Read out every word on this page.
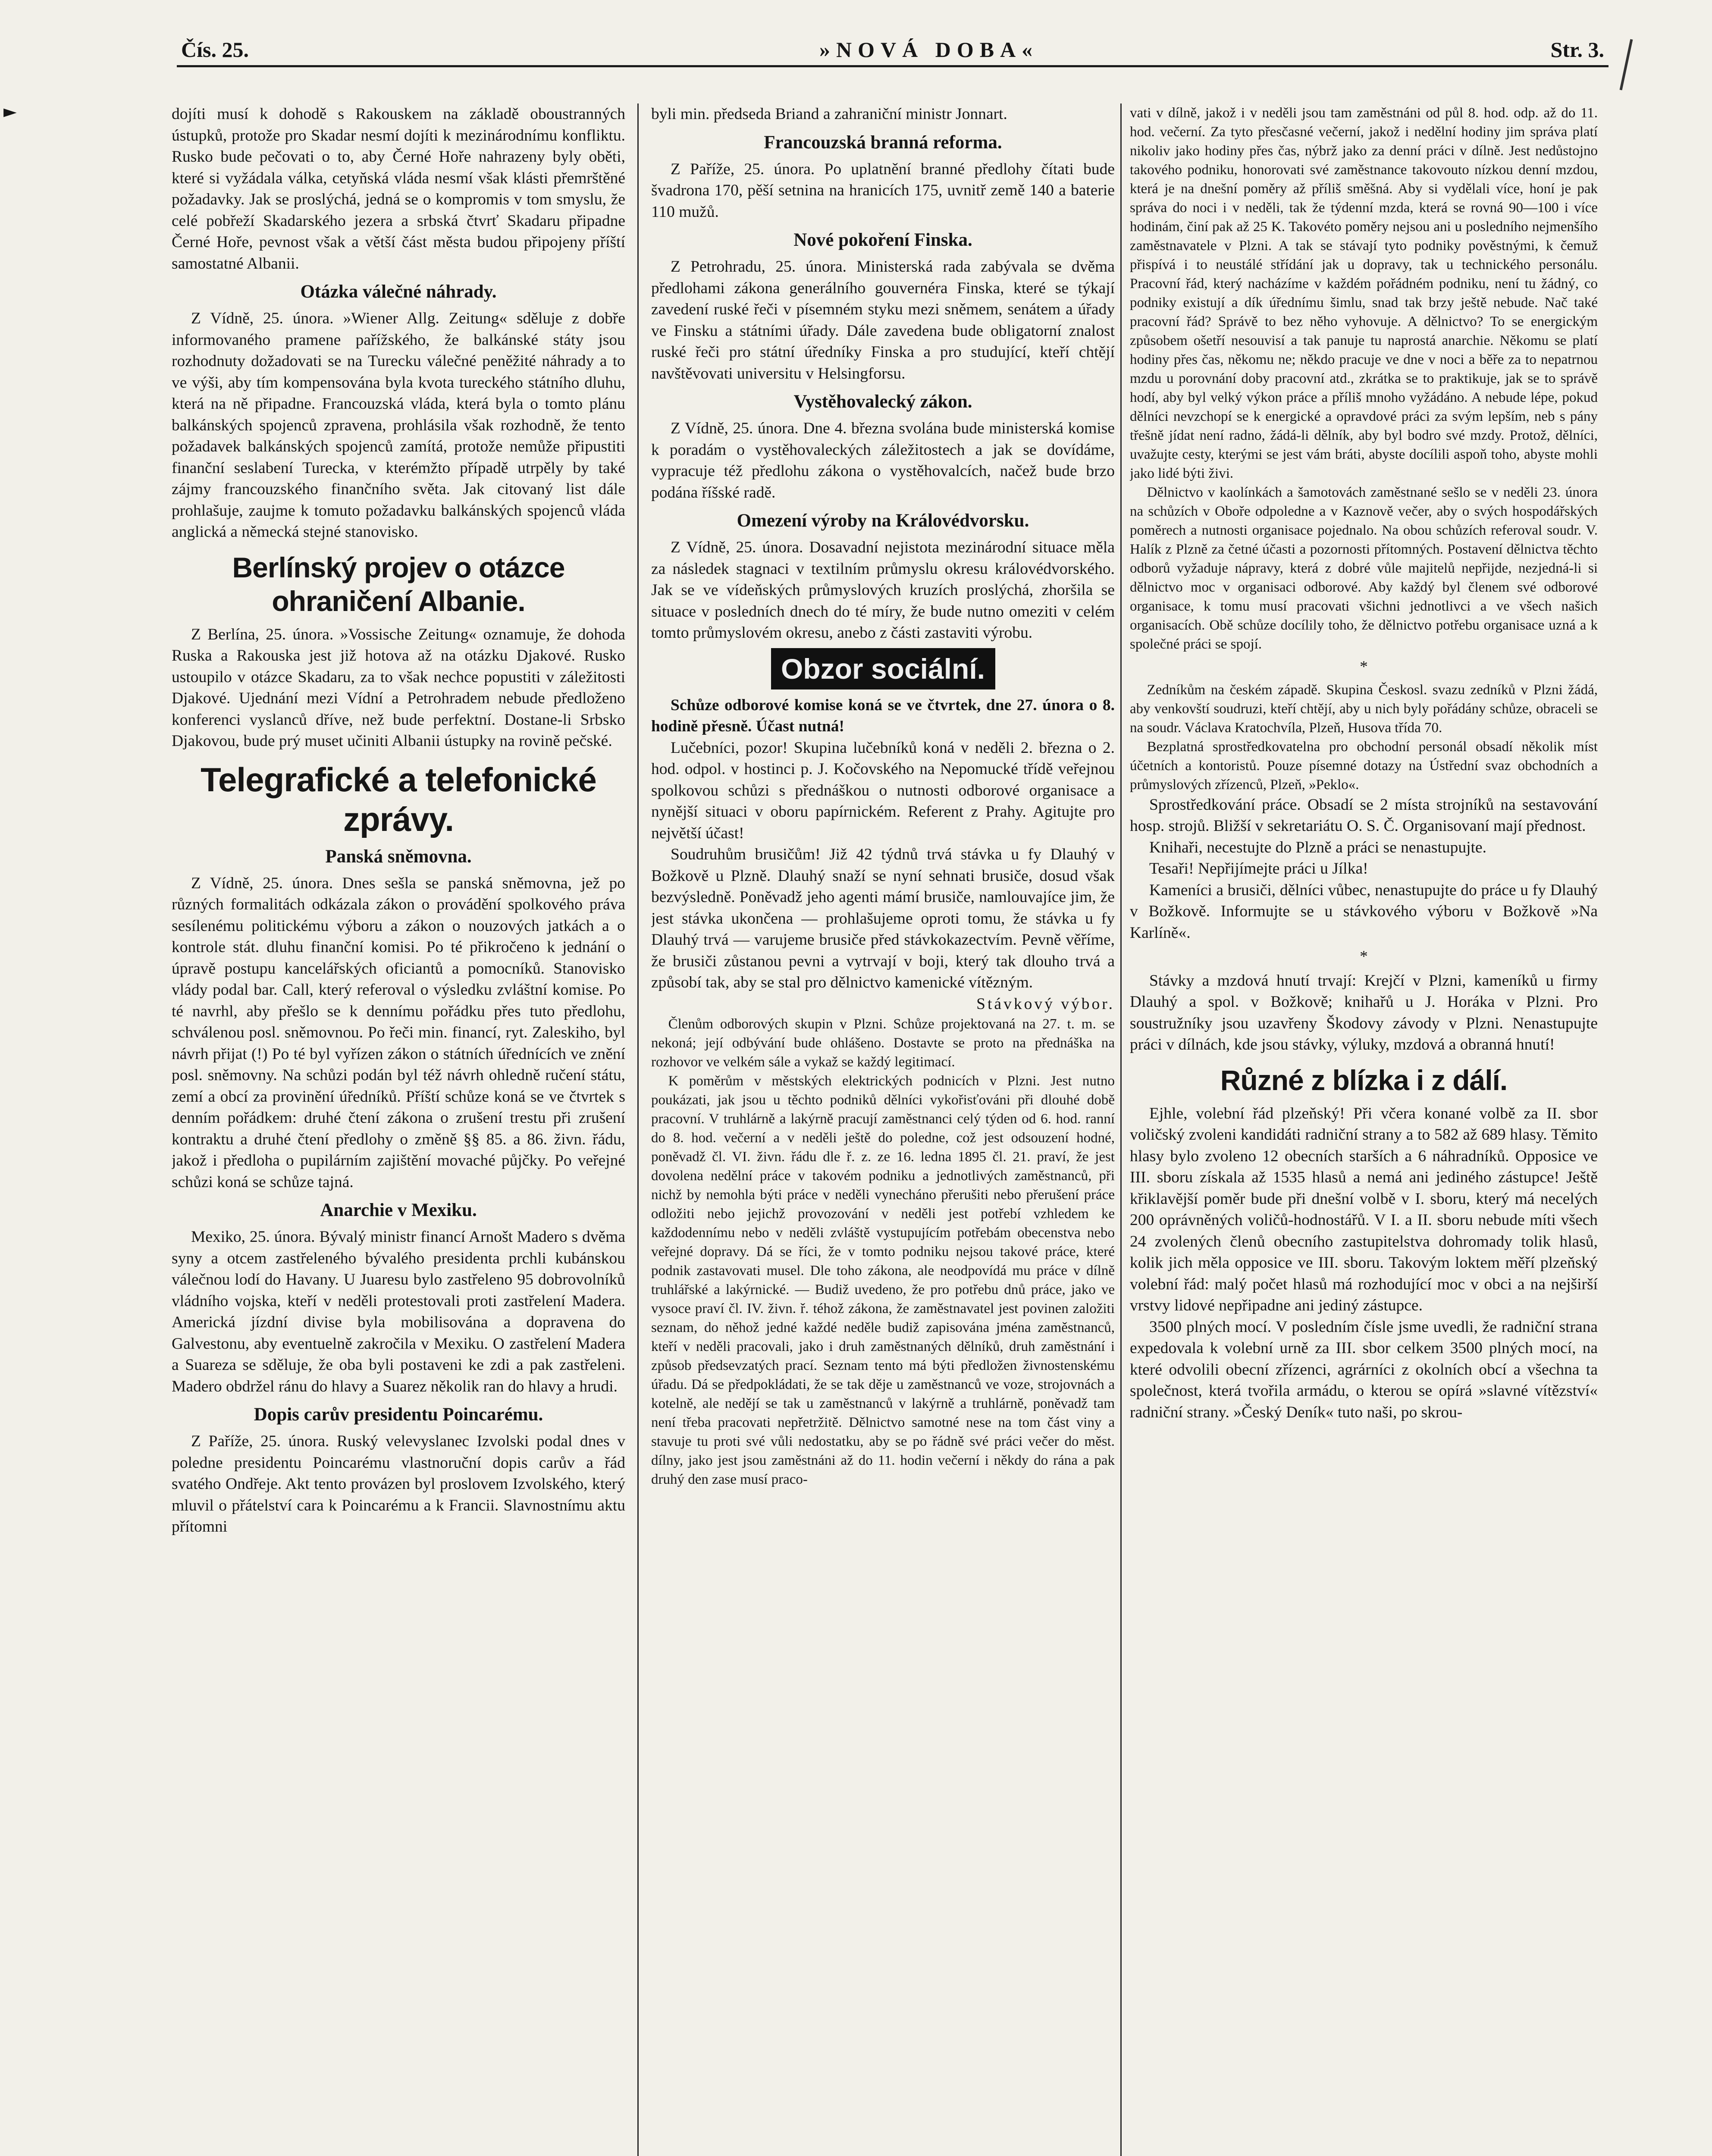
Čís. 25.	»NOVÁ DOBA«	Str. 3.
►	dojíti musí k dohodě s Rakouskem na základě oboustranných ústupků, protože pro Skadar nesmí dojíti k mezinárodnímu konfliktu. Rusko bude pečovati o to, aby Černé Hoře nahrazeny byly oběti, které si vyžádala válka, cetyňská vláda nesmí však klásti přemrštěné požadavky. Jak se proslýchá, jedná se o kompromis v tom smyslu, že celé pobřeží Skadarského jezera a srbská čtvrť Skadaru připadne Černé Hoře, pevnost však a větší část města budou připojeny příští samostatné Albanii.

Otázka válečné náhrady.

Z Vídně, 25. února. »Wiener Allg. Zeitung« sděluje z dobře informovaného pramene pařížského, že balkánské státy jsou rozhodnuty dožadovati se na Turecku válečné peněžité náhrady a to ve výši, aby tím kompensována byla kvota tureckého státního dluhu, která na ně připadne. Francouzská vláda, která byla o tomto plánu balkánských spojenců zpravena, prohlásila však rozhodně, že tento požadavek balkánských spojenců zamítá, protože nemůže připustiti finanční seslabení Turecka, v kterémžto případě utrpěly by také zájmy francouzského finančního světa. Jak citovaný list dále prohlašuje, zaujme k tomuto požadavku balkánských spojenců vláda anglická a německá stejné stanovisko.

Berlínský projev o otázce ohraničení Albanie.

Z Berlína, 25. února. »Vossische Zeitung« oznamuje, že dohoda Ruska a Rakouska jest již hotova až na otázku Djakové. Rusko ustoupilo v otázce Skadaru, za to však nechce popustiti v záležitosti Djakové. Ujednání mezi Vídní a Petrohradem nebude předloženo konferenci vyslanců dříve, než bude perfektní. Dostane-li Srbsko Djakovou, bude prý muset učiniti Albanii ústupky na rovině pečské.

Telegrafické a telefonické zprávy.
Panská sněmovna.

Z Vídně, 25. února. Dnes sešla se panská sněmovna, jež po různých formalitách odkázala zákon o provádění spolkového práva sesílenému politickému výboru a zákon o nouzových jatkách a o kontrole stát. dluhu finanční komisi. Po té přikročeno k jednání o úpravě postupu kancelářských oficiantů a pomocníků. Stanovisko vlády podal bar. Call, který referoval o výsledku zvláštní komise. Po té navrhl, aby přešlo se k dennímu pořádku přes tuto předlohu, schválenou posl. sněmovnou. Po řeči min. financí, ryt. Zaleskiho, byl návrh přijat (!) Po té byl vyřízen zákon o státních úřednících ve znění posl. sněmovny. Na schůzi podán byl též návrh ohledně ručení státu, zemí a obcí za provinění úředníků. Příští schůze koná se ve čtvrtek s denním pořádkem: druhé čtení zákona o zrušení trestu při zrušení kontraktu a druhé čtení předlohy o změně §§ 85. a 86. živn. řádu, jakož i předloha o pupilárním zajištění movaché půjčky. Po veřejné schůzi koná se schůze tajná.

Anarchie v Mexiku.

Mexiko, 25. února. Bývalý ministr financí Arnošt Madero s dvěma syny a otcem zastřeleného bývalého presidenta prchli kubánskou válečnou lodí do Havany. U Juaresu bylo zastřeleno 95 dobrovolníků vládního vojska, kteří v neděli protestovali proti zastřelení Madera. Americká jízdní divise byla mobilisována a dopravena do Galvestonu, aby eventuelně zakročila v Mexiku. O zastřelení Madera a Suareza se sděluje, že oba byli postaveni ke zdi a pak zastřeleni. Madero obdržel ránu do hlavy a Suarez několik ran do hlavy a hrudi.

Dopis carův presidentu Poincarému.

Z Paříže, 25. února. Ruský velevyslanec Izvolski podal dnes v poledne presidentu Poincarému vlastnoruční dopis carův a řád svatého Ondřeje. Akt tento provázen byl proslovem Izvolského, který mluvil o přátelství cara k Poincarému a k Francii. Slavnostnímu aktu přítomni

byli min. předseda Briand a zahraniční ministr Jonnart.

Francouzská branná reforma.

Z Paříže, 25. února. Po uplatnění branné předlohy čítati bude švadrona 170, pěší setnina na hranicích 175, uvnitř země 140 a baterie 110 mužů.

Nové pokoření Finska.

Z Petrohradu, 25. února. Ministerská rada zabývala se dvěma předlohami zákona generálního gouvernéra Finska, které se týkají zavedení ruské řeči v písemném styku mezi sněmem, senátem a úřady ve Finsku a státními úřady. Dále zavedena bude obligatorní znalost ruské řeči pro státní úředníky Finska a pro studující, kteří chtějí navštěvovati universitu v Helsingforsu.

Vystěhovalecký zákon.

Z Vídně, 25. února. Dne 4. března svolána bude ministerská komise k poradám o vystěhovaleckých záležitostech a jak se dovídáme, vypracuje též předlohu zákona o vystěhovalcích, načež bude brzo podána říšské radě.

Omezení výroby na Královédvorsku.

Z Vídně, 25. února. Dosavadní nejistota mezinárodní situace měla za následek stagnaci v textilním průmyslu okresu královédvorského. Jak se ve vídeňských průmyslových kruzích proslýchá, zhoršila se situace v posledních dnech do té míry, že bude nutno omeziti v celém tomto průmyslovém okresu, anebo z části zastaviti výrobu.

Obzor sociální.

Schůze odborové komise koná se ve čtvrtek, dne 27. února o 8. hodině přesně. Účast nutná!

Lučebníci, pozor! Skupina lučebníků koná v neděli 2. března o 2. hod. odpol. v hostinci p. J. Kočovského na Nepomucké třídě veřejnou spolkovou schůzi s přednáškou o nutnosti odborové organisace a nynější situaci v oboru papírnickém. Referent z Prahy. Agitujte pro největší účast!

Soudruhům brusičům! Již 42 týdnů trvá stávka u fy Dlauhý v Božkově u Plzně. Dlauhý snaží se nyní sehnati brusiče, dosud však bezvýsledně. Poněvadž jeho agenti mámí brusiče, namlouvajíce jim, že jest stávka ukončena — prohlašujeme oproti tomu, že stávka u fy Dlauhý trvá — varujeme brusiče před stávkokazectvím. Pevně věříme, že brusiči zůstanou pevni a vytrvají v boji, který tak dlouho trvá a způsobí tak, aby se stal pro dělnictvo kamenické vítězným.

Stávkový výbor.

Členům odborových skupin v Plzni. Schůze projektovaná na 27. t. m. se nekoná; její odbývání bude ohlášeno. Dostavte se proto na přednáška na rozhovor ve velkém sále a vykaž se každý legitimací.

K poměrům v městských elektrických podnicích v Plzni. Jest nutno poukázati, jak jsou u těchto podniků dělníci vykořisťováni při dlouhé době pracovní. V truhlárně a lakýrně pracují zaměstnanci celý týden od 6. hod. ranní do 8. hod. večerní a v neděli ještě do poledne, což jest odsouzení hodné, poněvadž čl. VI. živn. řádu dle ř. z. ze 16. ledna 1895 čl. 21. praví, že jest dovolena nedělní práce v takovém podniku a jednotlivých zaměstnanců, při nichž by nemohla býti práce v neděli vynecháno přerušiti nebo přerušení práce odložiti nebo jejichž provozování v neděli jest potřebí vzhledem ke každodennímu nebo v neděli zvláště vystupujícím potřebám obecenstva nebo veřejné dopravy. Dá se říci, že v tomto podniku nejsou takové práce, které podnik zastavovati musel. Dle toho zákona, ale neodpovídá mu práce v dílně truhlářské a lakýrnické. — Budiž uvedeno, že pro potřebu dnů práce, jako ve vysoce praví čl. IV. živn. ř. téhož zákona, že zaměstnavatel jest povinen založiti seznam, do něhož jedné každé neděle budiž zapisována jména zaměstnanců, kteří v neděli pracovali, jako i druh zaměstnaných dělníků, druh zaměstnání i způsob předsevzatých prací. Seznam tento má býti předložen živnostenskému úřadu. Dá se předpokládati, že se tak děje u zaměstnanců ve voze, strojovnách a kotelně, ale nedějí se tak u zaměstnanců v lakýrně a truhlárně, poněvadž tam není třeba pracovati nepřetržitě. Dělnictvo samotné nese na tom část viny a stavuje tu proti své vůli nedostatku, aby se po řádně své práci večer do měst. dílny, jako jest jsou zaměstnáni až do 11. hodin večerní i někdy do rána a pak druhý den zase musí praco-

vati v dílně, jakož i v neděli jsou tam zaměstnáni od půl 8. hod. odp. až do 11. hod. večerní. Za tyto přesčasné večerní, jakož i nedělní hodiny jim správa platí nikoliv jako hodiny přes čas, nýbrž jako za denní práci v dílně. Jest nedůstojno takového podniku, honorovati své zaměstnance takovouto nízkou denní mzdou, která je na dnešní poměry až příliš směšná. Aby si vydělali více, honí je pak správa do noci i v neděli, tak že týdenní mzda, která se rovná 90—100 i více hodinám, činí pak až 25 K. Takovéto poměry nejsou ani u posledního nejmenšího zaměstnavatele v Plzni. A tak se stávají tyto podniky pověstnými, k čemuž přispívá i to neustálé střídání jak u dopravy, tak u technického personálu. Pracovní řád, který nacházíme v každém pořádném podniku, není tu žádný, co podniky existují a dík úřednímu šimlu, snad tak brzy ještě nebude. Nač také pracovní řád? Správě to bez něho vyhovuje. A dělnictvo? To se energickým způsobem ošetří nesouvisí a tak panuje tu naprostá anarchie. Někomu se platí hodiny přes čas, někomu ne; někdo pracuje ve dne v noci a běře za to nepatrnou mzdu u porovnání doby pracovní atd., zkrátka se to praktikuje, jak se to správě hodí, aby byl velký výkon práce a příliš mnoho vyžádáno. A nebude lépe, pokud dělníci nevzchopí se k energické a opravdové práci za svým lepším, neb s pány třešně jídat není radno, žádá-li dělník, aby byl bodro své mzdy. Protož, dělníci, uvažujte cesty, kterými se jest vám bráti, abyste docílili aspoň toho, abyste mohli jako lidé býti živi.

Dělnictvo v kaolínkách a šamotovách zaměstnané sešlo se v neděli 23. února na schůzích v Oboře odpoledne a v Kaznově večer, aby o svých hospodářských poměrech a nutnosti organisace pojednalo. Na obou schůzích referoval soudr. V. Halík z Plzně za četné účasti a pozornosti přítomných. Postavení dělnictva těchto odborů vyžaduje nápravy, která z dobré vůle majitelů nepřijde, nezjedná-li si dělnictvo moc v organisaci odborové. Aby každý byl členem své odborové organisace, k tomu musí pracovati všichni jednotlivci a ve všech našich organisacích. Obě schůze docílily toho, že dělnictvo potřebu organisace uzná a k společné práci se spojí.

*

Zedníkům na českém západě. Skupina Českosl. svazu zedníků v Plzni žádá, aby venkovští soudruzi, kteří chtějí, aby u nich byly pořádány schůze, obraceli se na soudr. Václava Kratochvíla, Plzeň, Husova třída 70.

Bezplatná sprostředkovatelna pro obchodní personál obsadí několik míst účetních a kontoristů. Pouze písemné dotazy na Ústřední svaz obchodních a průmyslových zřízenců, Plzeň, »Peklo«.

Sprostředkování práce. Obsadí se 2 místa strojníků na sestavování hosp. strojů. Bližší v sekretariátu O. S. Č. Organisovaní mají přednost.

Knihaři, necestujte do Plzně a práci se nenastupujte.

Tesaři! Nepřijímejte práci u Jílka!

Kameníci a brusiči, dělníci vůbec, nenastupujte do práce u fy Dlauhý v Božkově. Informujte se u stávkového výboru v Božkově »Na Karlíně«.

*

Stávky a mzdová hnutí trvají: Krejčí v Plzni, kameníků u firmy Dlauhý a spol. v Božkově; knihařů u J. Horáka v Plzni. Pro soustružníky jsou uzavřeny Škodovy závody v Plzni. Nenastupujte práci v dílnách, kde jsou stávky, výluky, mzdová a obranná hnutí!

Různé z blízka i z dálí.

Ejhle, volební řád plzeňský! Při včera konané volbě za II. sbor voličský zvoleni kandidáti radniční strany a to 582 až 689 hlasy. Těmito hlasy bylo zvoleno 12 obecních starších a 6 náhradníků. Opposice ve III. sboru získala až 1535 hlasů a nemá ani jediného zástupce! Ještě křiklavější poměr bude při dnešní volbě v I. sboru, který má necelých 200 oprávněných voličů-hodnostářů. V I. a II. sboru nebude míti všech 24 zvolených členů obecního zastupitelstva dohromady tolik hlasů, kolik jich měla opposice ve III. sboru. Takovým loktem měří plzeňský volební řád: malý počet hlasů má rozhodující moc v obci a na nejširší vrstvy lidové nepřipadne ani jediný zástupce.

3500 plných mocí. V posledním čísle jsme uvedli, že radniční strana expedovala k volební urně za III. sbor celkem 3500 plných mocí, na které odvolili obecní zřízenci, agrárníci z okolních obcí a všechna ta společnost, která tvořila armádu, o kterou se opírá »slavné vítězství« radniční strany. »Český Deník« tuto naši, po skrou-
